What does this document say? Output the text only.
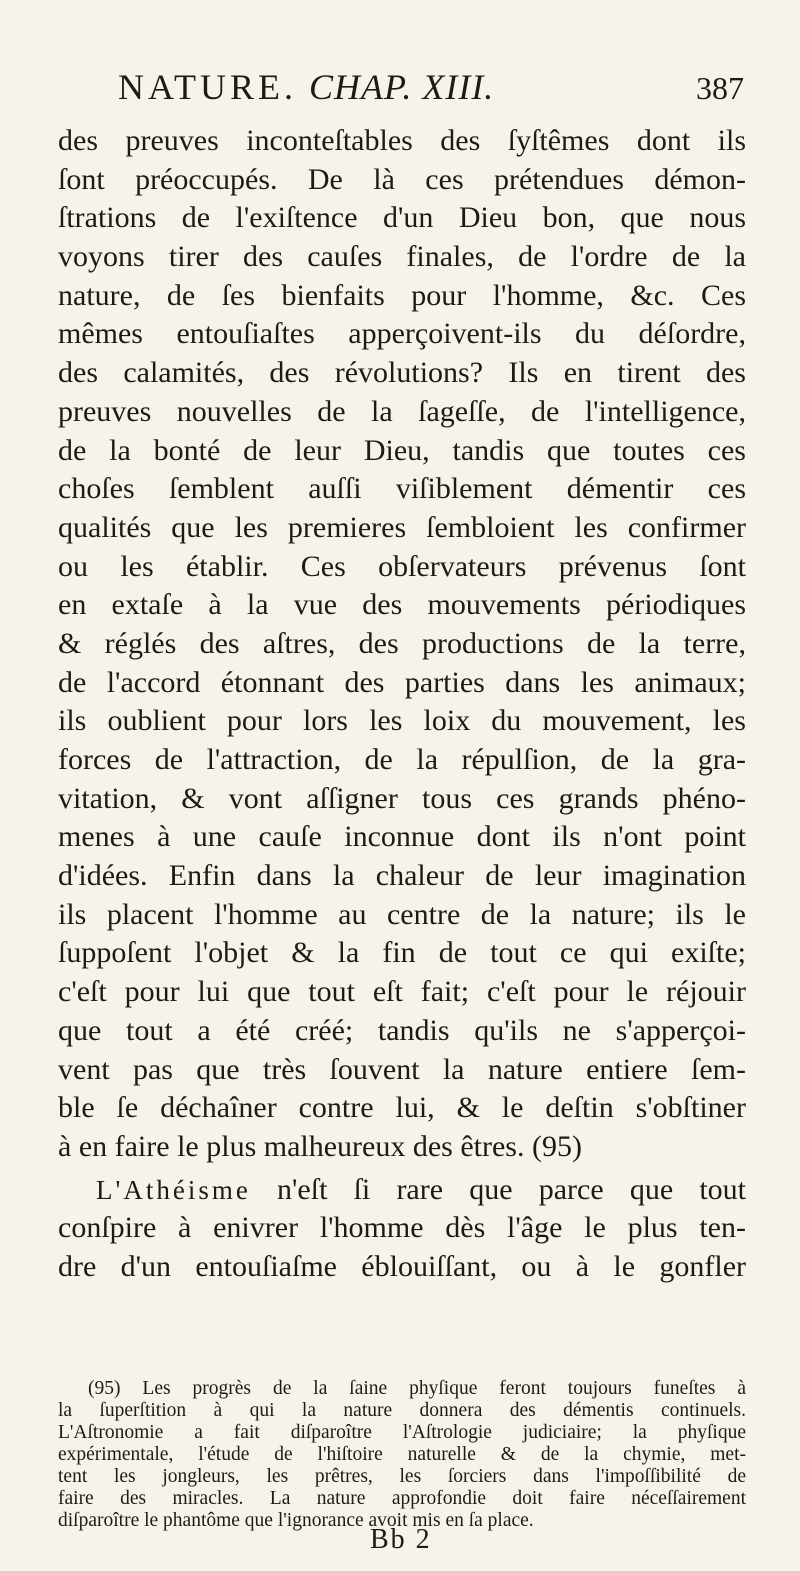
NATURE. CHAP. XIII.	387
des preuves inconteſtables des ſyſtêmes dont ils
ſont préoccupés. De là ces prétendues démon-
ſtrations de l'exiſtence d'un Dieu bon, que nous
voyons tirer des cauſes finales, de l'ordre de la
nature, de ſes bienfaits pour l'homme, &c. Ces
mêmes entouſiaſtes apperçoivent-ils du déſordre,
des calamités, des révolutions? Ils en tirent des
preuves nouvelles de la ſageſſe, de l'intelligence,
de la bonté de leur Dieu, tandis que toutes ces
choſes ſemblent auſſi viſiblement démentir ces
qualités que les premieres ſembloient les confirmer
ou les établir. Ces obſervateurs prévenus ſont
en extaſe à la vue des mouvements périodiques
& réglés des aſtres, des productions de la terre,
de l'accord étonnant des parties dans les animaux;
ils oublient pour lors les loix du mouvement, les
forces de l'attraction, de la répulſion, de la gra-
vitation, & vont aſſigner tous ces grands phéno-
menes à une cauſe inconnue dont ils n'ont point
d'idées. Enfin dans la chaleur de leur imagination
ils placent l'homme au centre de la nature; ils le
ſuppoſent l'objet & la fin de tout ce qui exiſte;
c'eſt pour lui que tout eſt fait; c'eſt pour le réjouir
que tout a été créé; tandis qu'ils ne s'apperçoi-
vent pas que très ſouvent la nature entiere ſem-
ble ſe déchaîner contre lui, & le deſtin s'obſtiner
à en faire le plus malheureux des êtres. (95)
L'Athéisme n'eſt ſi rare que parce que tout
conſpire à enivrer l'homme dès l'âge le plus ten-
dre d'un entouſiaſme éblouiſſant, ou à le gonfler
(95) Les progrès de la ſaine phyſique feront toujours funeſtes à
la ſuperſtition à qui la nature donnera des démentis continuels.
L'Aſtronomie a fait diſparoître l'Aſtrologie judiciaire; la phyſique
expérimentale, l'étude de l'hiſtoire naturelle & de la chymie, met-
tent les jongleurs, les prêtres, les ſorciers dans l'impoſſibilité de
faire des miracles. La nature approfondie doit faire néceſſairement
diſparoître le phantôme que l'ignorance avoit mis en ſa place.
Bb 2
